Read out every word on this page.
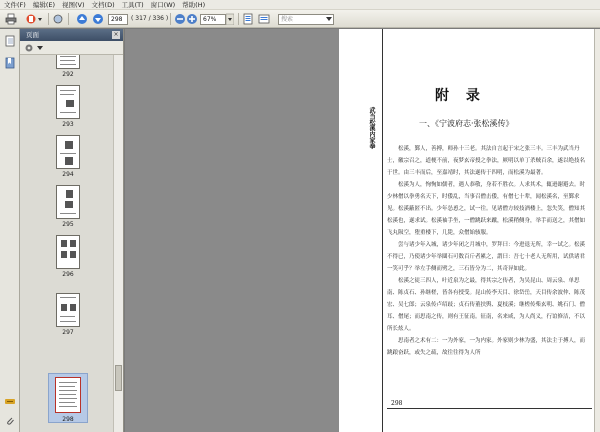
文件(F) 编辑(E) 视图(V) 文档(D) 工具(T) 窗口(W) 帮助(H)
298	( 317 / 336 )	67%	搜索
页面	×
292
293
294
295
296
297
298
武当松溪内家拳
附 录
一、《宁波府志·张松溪传》

松溪，鄞人，善搏，师孙十三老。其法自言起于宋之张三丰。三丰为武当丹士，徽宗召之，道梗不前，夜梦玄帝授之拳法，厥明以单丁杀贼百余，遂以绝技名于世。由三丰而后，至嘉靖时，其法遂传于四明，而松溪为最著。

松溪为人，恂恂如儒者，遇人恭敬，身若不胜衣。人求其术，辄逊谢避去。时少林僧以拳勇名天下，时倭乱，当事召僧击倭，有僧七十辈，闻松溪名，至鄞求见。松溪蔽匿不出。少年怂恿之，试一往。见诸僧方较技酒楼上，忽失笑，僧知其松溪也，遂求试。松溪袖手坐，一僧跳跃来蹴，松溪稍侧身，举手而送之，其僧如飞丸陨空，堕重楼下，几毙，众僧始骇服。

尝与诸少年入城，诸少年闭之月城中，罗拜曰：今进退无所，幸一试之。松溪不得已，乃使诸少年举圜石可数百斤者累之，謂曰：吾七十老人无所用，试供诸君一笑可乎？举左手侧而劈之，三石皆分为二，其奇异如此。

松溪之徒三四人，叶近泉为之最，得其宗之传者，为吴昆山、周云泉、单思南、陈贞石、孙继槎，皆各有授受。昆山传李天目、徐岱岳，天目传余波仲、陈茂宏、吴七郎；云泉传卢绍歧；贞石传董扶舆、夏枝溪；继槎传柴玄明、姚石门、僧耳、僧尾；而思南之传，则有王征南。征南，名来咸，为人尚义，行谊修洁，不以所长炫人。

思南者之术有二：一为外家，一为内家。外家则少林为盛，其法主于搏人，而跳踉奋跃，或失之疏，故往往得为人所

298
